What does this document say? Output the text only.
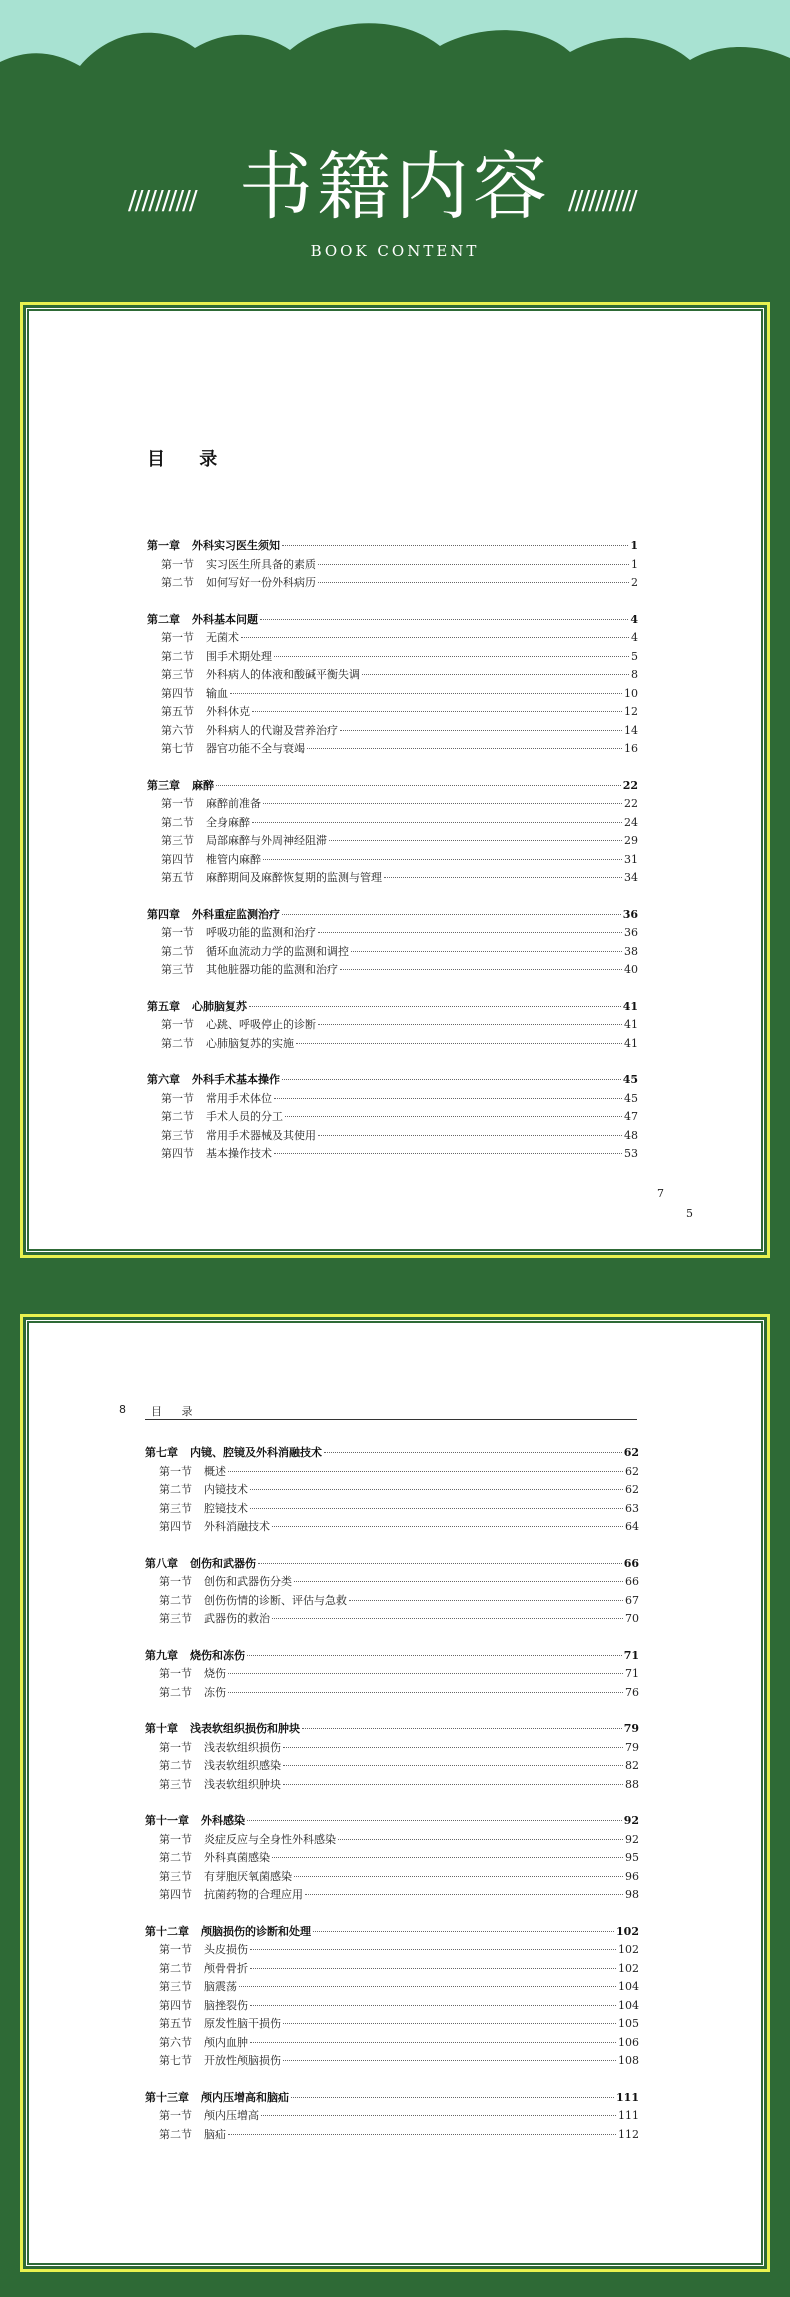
//////////	//////////
书籍内容
BOOK CONTENT
目 录
第一章 外科实习医生须知	1
第一节 实习医生所具备的素质	1
第二节 如何写好一份外科病历	2
第二章 外科基本问题	4
第一节 无菌术	4
第二节 围手术期处理	5
第三节 外科病人的体液和酸碱平衡失调	8
第四节 输血	10
第五节 外科休克	12
第六节 外科病人的代谢及营养治疗	14
第七节 器官功能不全与衰竭	16
第三章 麻醉	22
第一节 麻醉前准备	22
第二节 全身麻醉	24
第三节 局部麻醉与外周神经阻滞	29
第四节 椎管内麻醉	31
第五节 麻醉期间及麻醉恢复期的监测与管理	34
第四章 外科重症监测治疗	36
第一节 呼吸功能的监测和治疗	36
第二节 循环血流动力学的监测和调控	38
第三节 其他脏器功能的监测和治疗	40
第五章 心肺脑复苏	41
第一节 心跳、呼吸停止的诊断	41
第二节 心肺脑复苏的实施	41
第六章 外科手术基本操作	45
第一节 常用手术体位	45
第二节 手术人员的分工	47
第三节 常用手术器械及其使用	48
第四节 基本操作技术	53
7
5
8 目 录
第七章 内镜、腔镜及外科消融技术	62
第一节 概述	62
第二节 内镜技术	62
第三节 腔镜技术	63
第四节 外科消融技术	64
第八章 创伤和武器伤	66
第一节 创伤和武器伤分类	66
第二节 创伤伤情的诊断、评估与急救	67
第三节 武器伤的救治	70
第九章 烧伤和冻伤	71
第一节 烧伤	71
第二节 冻伤	76
第十章 浅表软组织损伤和肿块	79
第一节 浅表软组织损伤	79
第二节 浅表软组织感染	82
第三节 浅表软组织肿块	88
第十一章 外科感染	92
第一节 炎症反应与全身性外科感染	92
第二节 外科真菌感染	95
第三节 有芽胞厌氧菌感染	96
第四节 抗菌药物的合理应用	98
第十二章 颅脑损伤的诊断和处理	102
第一节 头皮损伤	102
第二节 颅骨骨折	102
第三节 脑震荡	104
第四节 脑挫裂伤	104
第五节 原发性脑干损伤	105
第六节 颅内血肿	106
第七节 开放性颅脑损伤	108
第十三章 颅内压增高和脑疝	111
第一节 颅内压增高	111
第二节 脑疝	112
